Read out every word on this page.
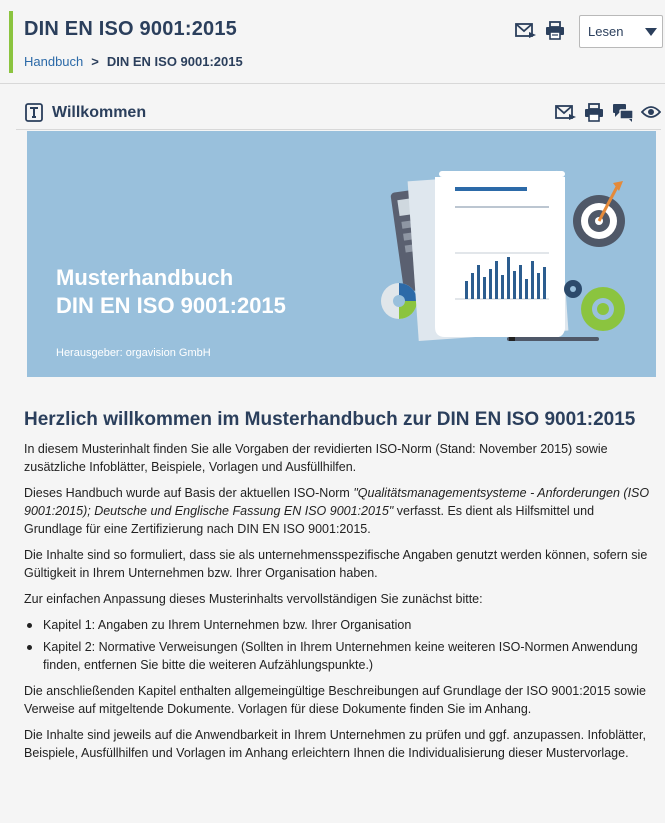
DIN EN ISO 9001:2015
Handbuch > DIN EN ISO 9001:2015
Lesen
Willkommen
Musterhandbuch
DIN EN ISO 9001:2015
Herausgeber: orgavision GmbH
Herzlich willkommen im Musterhandbuch zur DIN EN ISO 9001:2015

In diesem Musterinhalt finden Sie alle Vorgaben der revidierten ISO-Norm (Stand: November 2015) sowie zusätzliche Infoblätter, Beispiele, Vorlagen und Ausfüllhilfen.

Dieses Handbuch wurde auf Basis der aktuellen ISO-Norm "Qualitätsmanagementsysteme - Anforderungen (ISO 9001:2015); Deutsche und Englische Fassung EN ISO 9001:2015" verfasst. Es dient als Hilfsmittel und Grundlage für eine Zertifizierung nach DIN EN ISO 9001:2015.

Die Inhalte sind so formuliert, dass sie als unternehmensspezifische Angaben genutzt werden können, sofern sie Gültigkeit in Ihrem Unternehmen bzw. Ihrer Organisation haben.

Zur einfachen Anpassung dieses Musterinhalts vervollständigen Sie zunächst bitte:

Kapitel 1: Angaben zu Ihrem Unternehmen bzw. Ihrer Organisation
Kapitel 2: Normative Verweisungen (Sollten in Ihrem Unternehmen keine weiteren ISO-Normen Anwendung finden, entfernen Sie bitte die weiteren Aufzählungspunkte.)

Die anschließenden Kapitel enthalten allgemeingültige Beschreibungen auf Grundlage der ISO 9001:2015 sowie Verweise auf mitgeltende Dokumente. Vorlagen für diese Dokumente finden Sie im Anhang.

Die Inhalte sind jeweils auf die Anwendbarkeit in Ihrem Unternehmen zu prüfen und ggf. anzupassen. Infoblätter, Beispiele, Ausfüllhilfen und Vorlagen im Anhang erleichtern Ihnen die Individualisierung dieser Mustervorlage.
